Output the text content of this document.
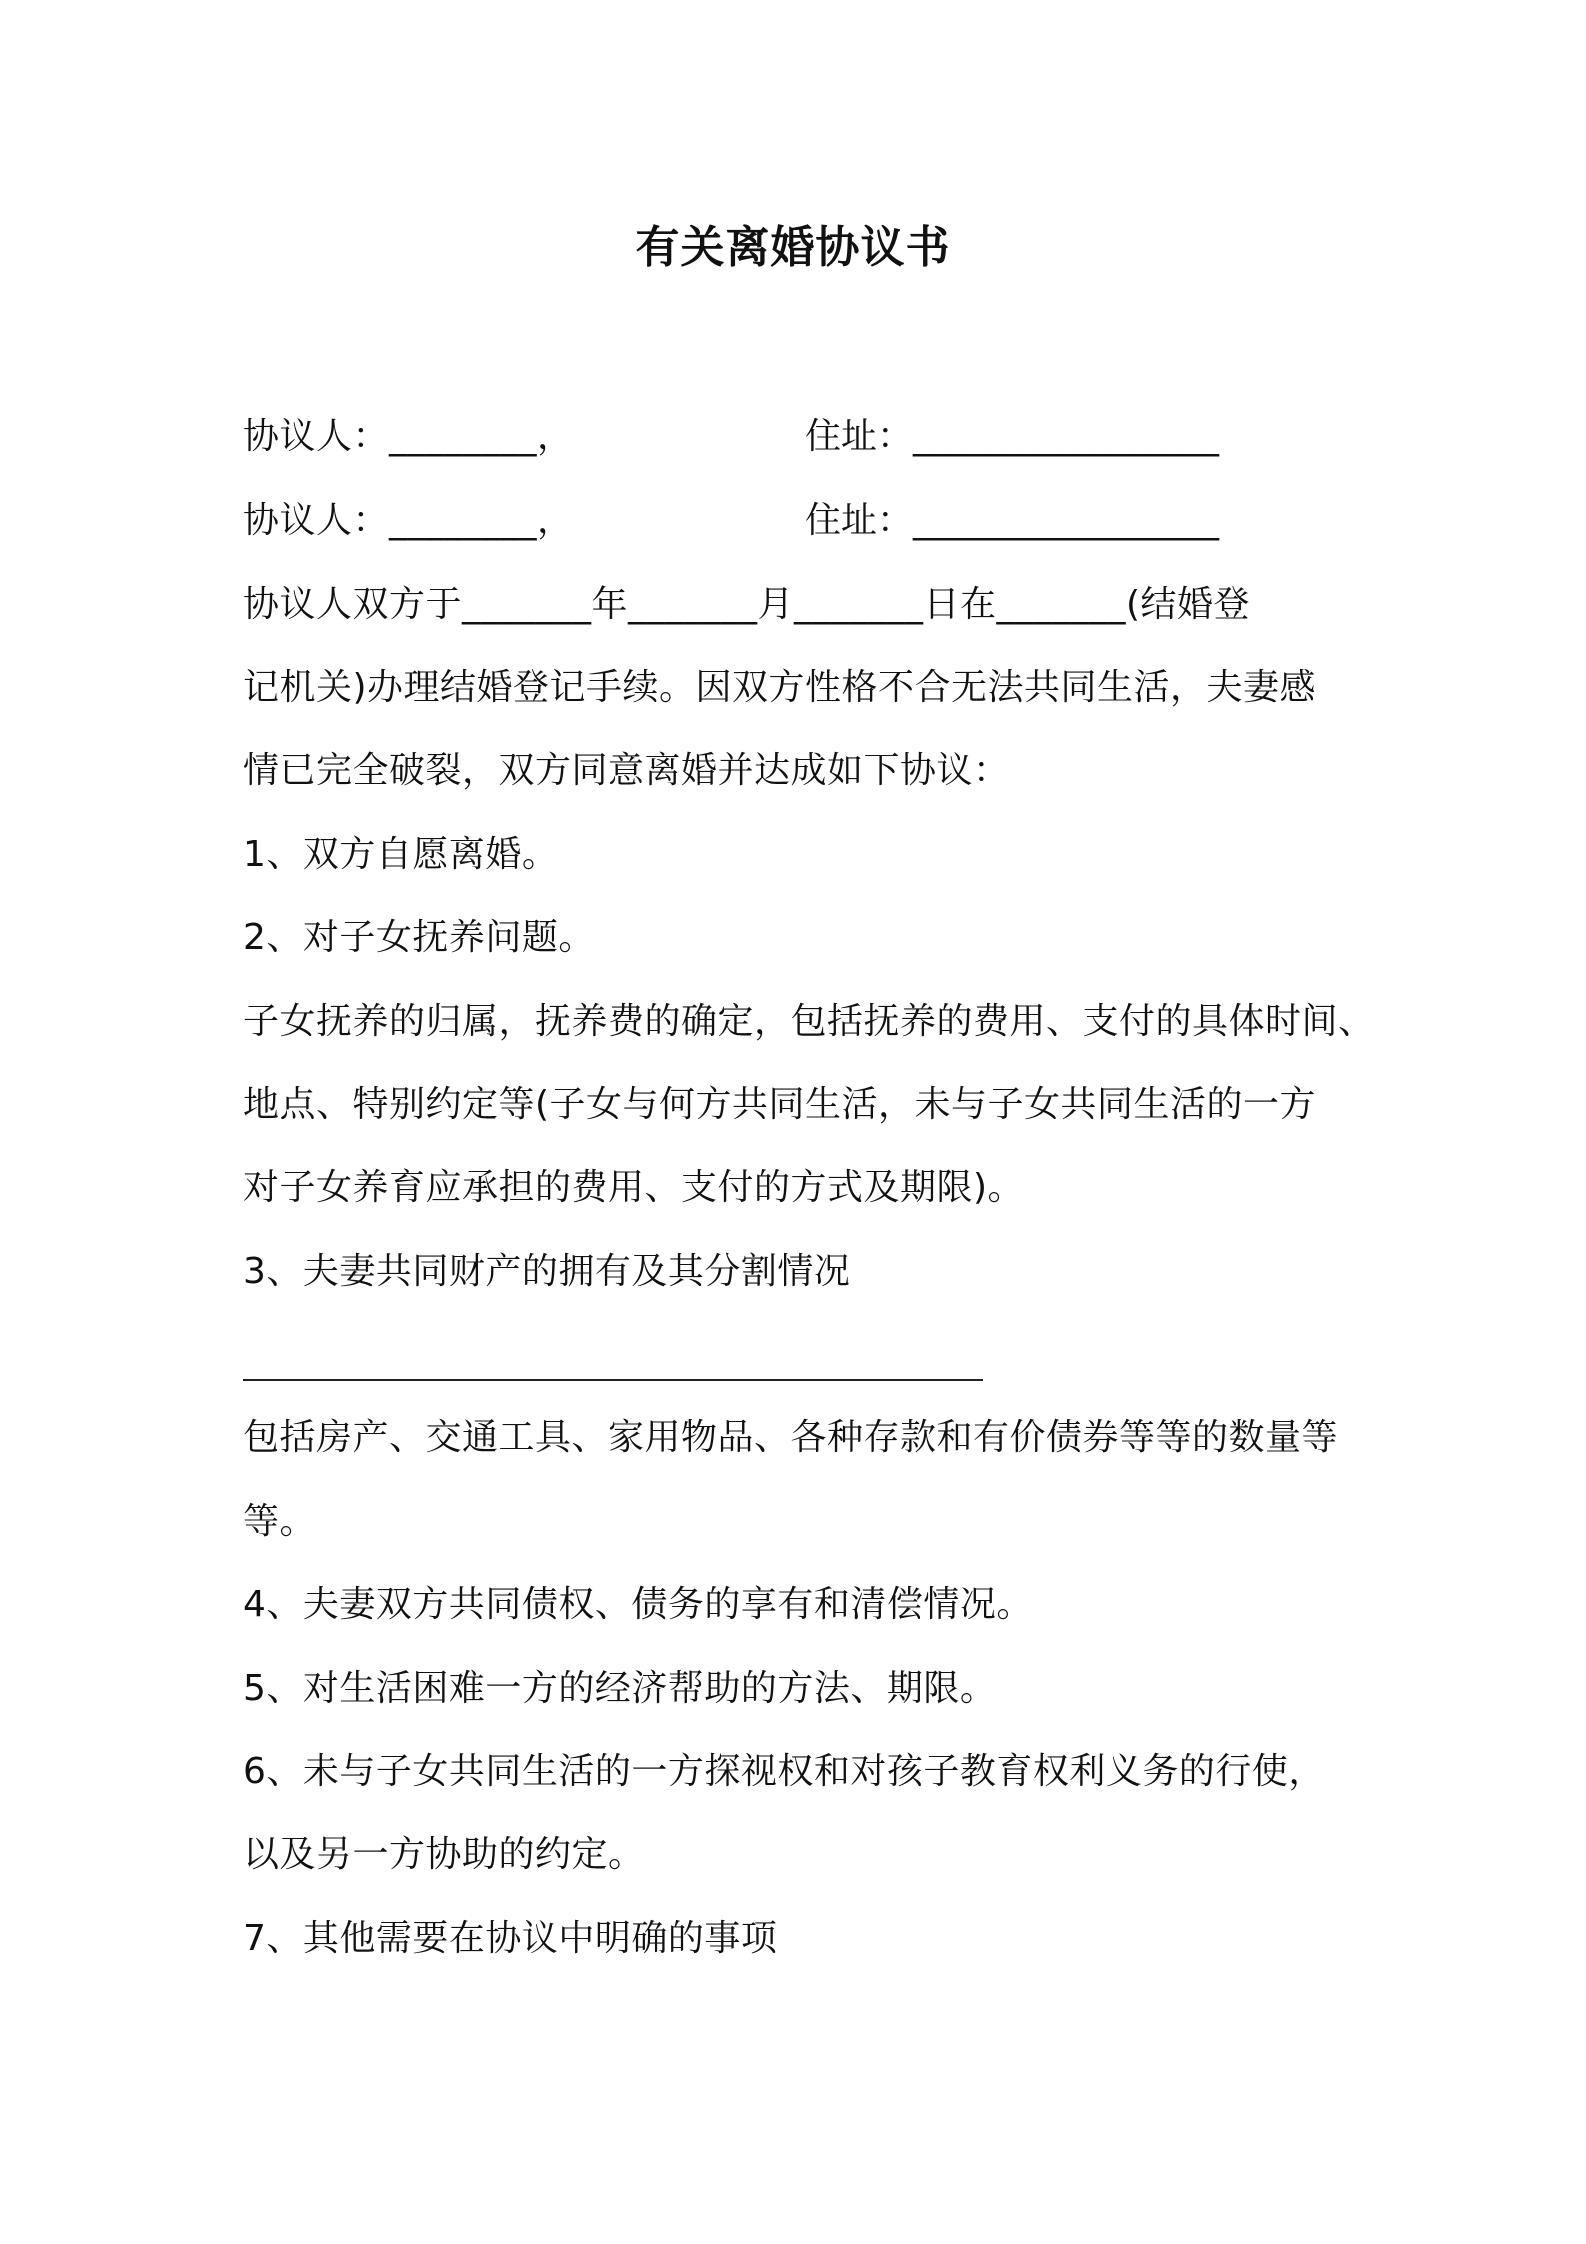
有关离婚协议书
协议人：________，	住址：_________________
协议人：________，	住址：_________________
协议人双方于_______年_______月_______日在_______(结婚登
记机关)办理结婚登记手续。因双方性格不合无法共同生活，夫妻感
情已完全破裂，双方同意离婚并达成如下协议：
1、双方自愿离婚。
2、对子女抚养问题。
子女抚养的归属，抚养费的确定，包括抚养的费用、支付的具体时间、
地点、特别约定等(子女与何方共同生活，未与子女共同生活的一方
对子女养育应承担的费用、支付的方式及期限)。
3、夫妻共同财产的拥有及其分割情况
包括房产、交通工具、家用物品、各种存款和有价债券等等的数量等
等。
4、夫妻双方共同债权、债务的享有和清偿情况。
5、对生活困难一方的经济帮助的方法、期限。
6、未与子女共同生活的一方探视权和对孩子教育权利义务的行使，
以及另一方协助的约定。
7、其他需要在协议中明确的事项
